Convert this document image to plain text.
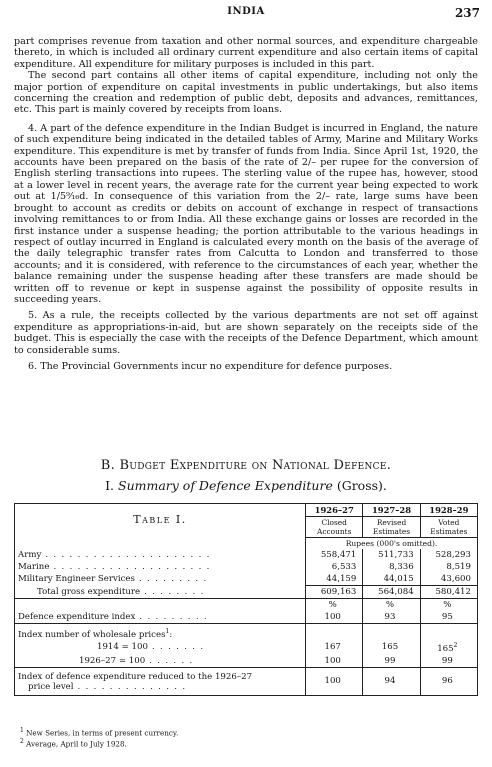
INDIA	237

part comprises revenue from taxation and other normal sources, and expenditure chargeable thereto, in which is included all ordinary current expenditure and also certain items of capital expenditure. All expenditure for military purposes is included in this part.

The second part contains all other items of capital expenditure, including not only the major portion of expenditure on capital investments in public undertakings, but also items concerning the creation and redemption of public debt, deposits and advances, remittances, etc. This part is mainly covered by receipts from loans.

4. A part of the defence expenditure in the Indian Budget is incurred in England, the nature of such expenditure being indicated in the detailed tables of Army, Marine and Military Works expenditure. This expenditure is met by transfer of funds from India. Since April 1st, 1920, the accounts have been prepared on the basis of the rate of 2/– per rupee for the conversion of English sterling transactions into rupees. The sterling value of the rupee has, however, stood at a lower level in recent years, the average rate for the current year being expected to work out at 1/5⁹⁄₁₆d. In consequence of this variation from the 2/– rate, large sums have been brought to account as credits or debits on account of exchange in respect of transactions involving remittances to or from India. All these exchange gains or losses are recorded in the first instance under a suspense heading; the portion attributable to the various headings in respect of outlay incurred in England is calculated every month on the basis of the average of the daily telegraphic transfer rates from Calcutta to London and transferred to those accounts; and it is considered, with reference to the circumstances of each year, whether the balance remaining under the suspense heading after these transfers are made should be written off to revenue or kept in suspense against the possibility of opposite results in succeeding years.

5. As a rule, the receipts collected by the various departments are not set off against expenditure as appropriations-in-aid, but are shown separately on the receipts side of the budget. This is especially the case with the receipts of the Defence Department, which amount to considerable sums.

6. The Provincial Governments incur no expenditure for defence purposes.

B. Budget Expenditure on National Defence.
I. Summary of Defence Expenditure (Gross).
Table I.	1926–27	1927–28	1928–29
	Closed Accounts	Revised Estimates	Voted Estimates
	Rupees (000's omitted).		
Army . . . . . . . . . . . . . . . . . . . . .	558,471	511,733	528,293
Marine . . . . . . . . . . . . . . . . . . . .	6,533	8,336	8,519
Military Engineer Services . . . . . . . . .	44,159	44,015	43,600
Total gross expenditure . . . . . . . .	609,163	564,084	580,412
	%	%	%
Defence expenditure index . . . . . . . . .	100	93	95
Index number of wholesale prices$^1$:			
1914 = 100 . . . . . . .	167	165	$165^2$
1926–27 = 100 . . . . . .	100	99	99

Index of defence expenditure reduced to the 1926–27
price level . . . . . . . . . . . . . .	100	94	96
$^1$ New Series, in terms of present currency.
$^2$ Average, April to July 1928.
